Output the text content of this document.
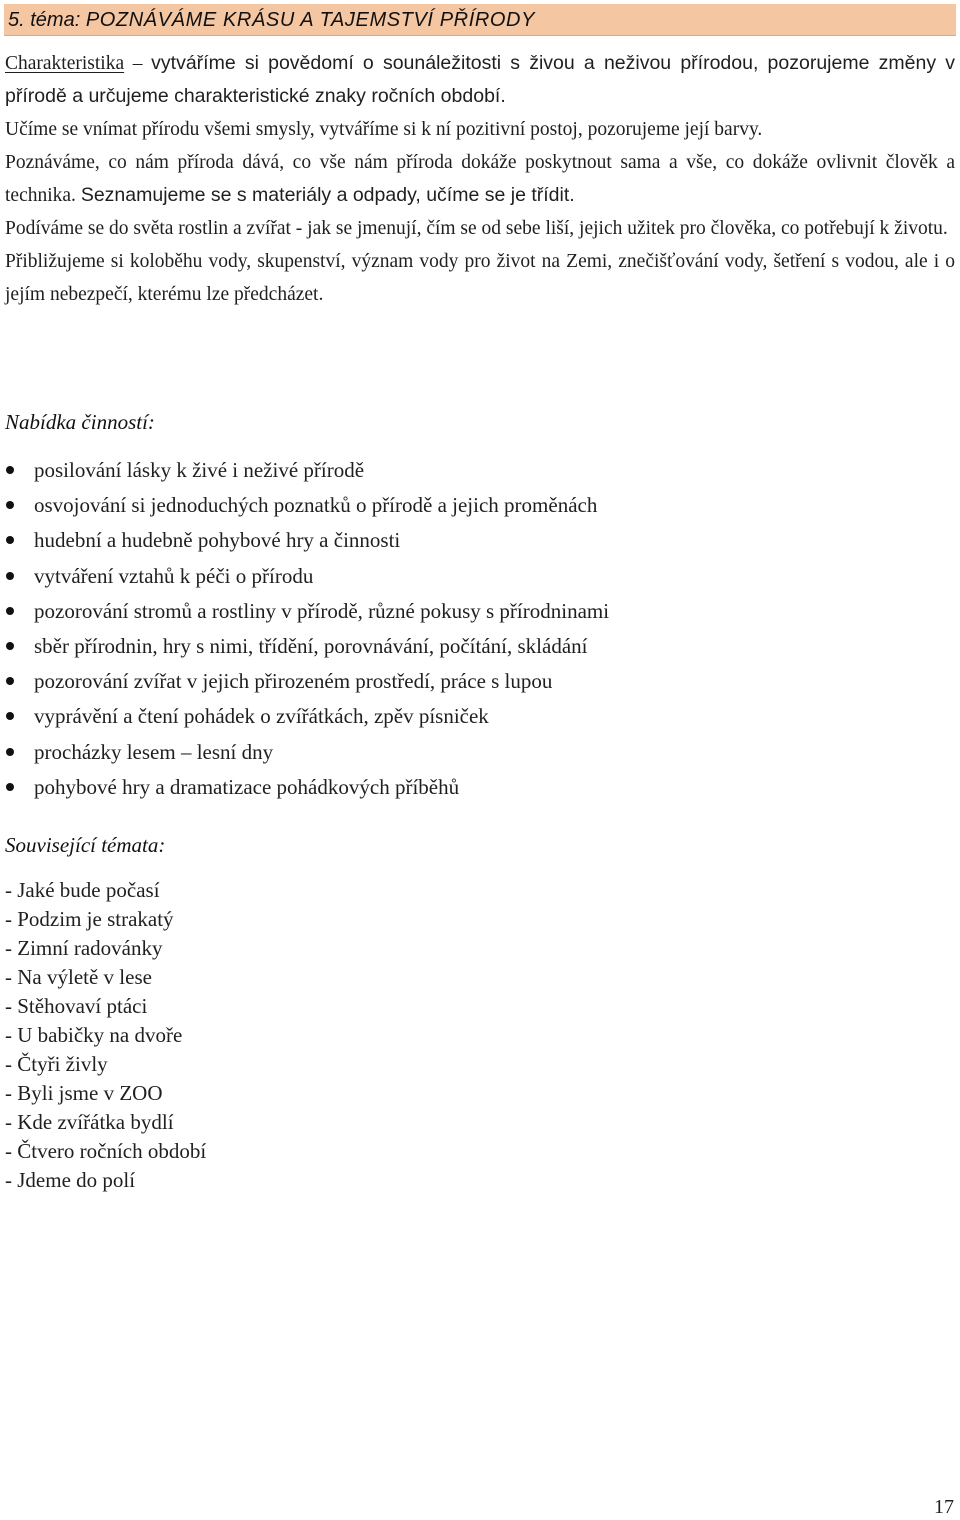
5. téma: POZNÁVÁME KRÁSU A TAJEMSTVÍ PŘÍRODY

Charakteristika – vytváříme si povědomí o sounáležitosti s živou a neživou přírodou, pozorujeme změny v přírodě a určujeme charakteristické znaky ročních období.

Učíme se vnímat přírodu všemi smysly, vytváříme si k ní pozitivní postoj, pozorujeme její barvy.

Poznáváme, co nám příroda dává, co vše nám příroda dokáže poskytnout sama a vše, co dokáže ovlivnit člověk a technika. Seznamujeme se s materiály a odpady, učíme se je třídit.

Podíváme se do světa rostlin a zvířat - jak se jmenují, čím se od sebe liší, jejich užitek pro člověka, co potřebují k životu.

Přibližujeme si koloběhu vody, skupenství, význam vody pro život na Zemi, znečišťování vody, šetření s vodou, ale i o jejím nebezpečí, kterému lze předcházet.

Nabídka činností:
posilování lásky k živé i neživé přírodě
osvojování si jednoduchých poznatků o přírodě a jejich proměnách
hudební a hudebně pohybové hry a činnosti
vytváření vztahů k péči o přírodu
pozorování stromů a rostliny v přírodě, různé pokusy s přírodninami
sběr přírodnin, hry s nimi, třídění, porovnávání, počítání, skládání
pozorování zvířat v jejich přirozeném prostředí, práce s lupou
vyprávění a čtení pohádek o zvířátkách, zpěv písniček
procházky lesem – lesní dny
pohybové hry a dramatizace pohádkových příběhů
Související témata:
- Jaké bude počasí
- Podzim je strakatý
- Zimní radovánky
- Na výletě v lese
- Stěhovaví ptáci
- U babičky na dvoře
- Čtyři živly
- Byli jsme v ZOO
- Kde zvířátka bydlí
- Čtvero ročních období
- Jdeme do polí
17
